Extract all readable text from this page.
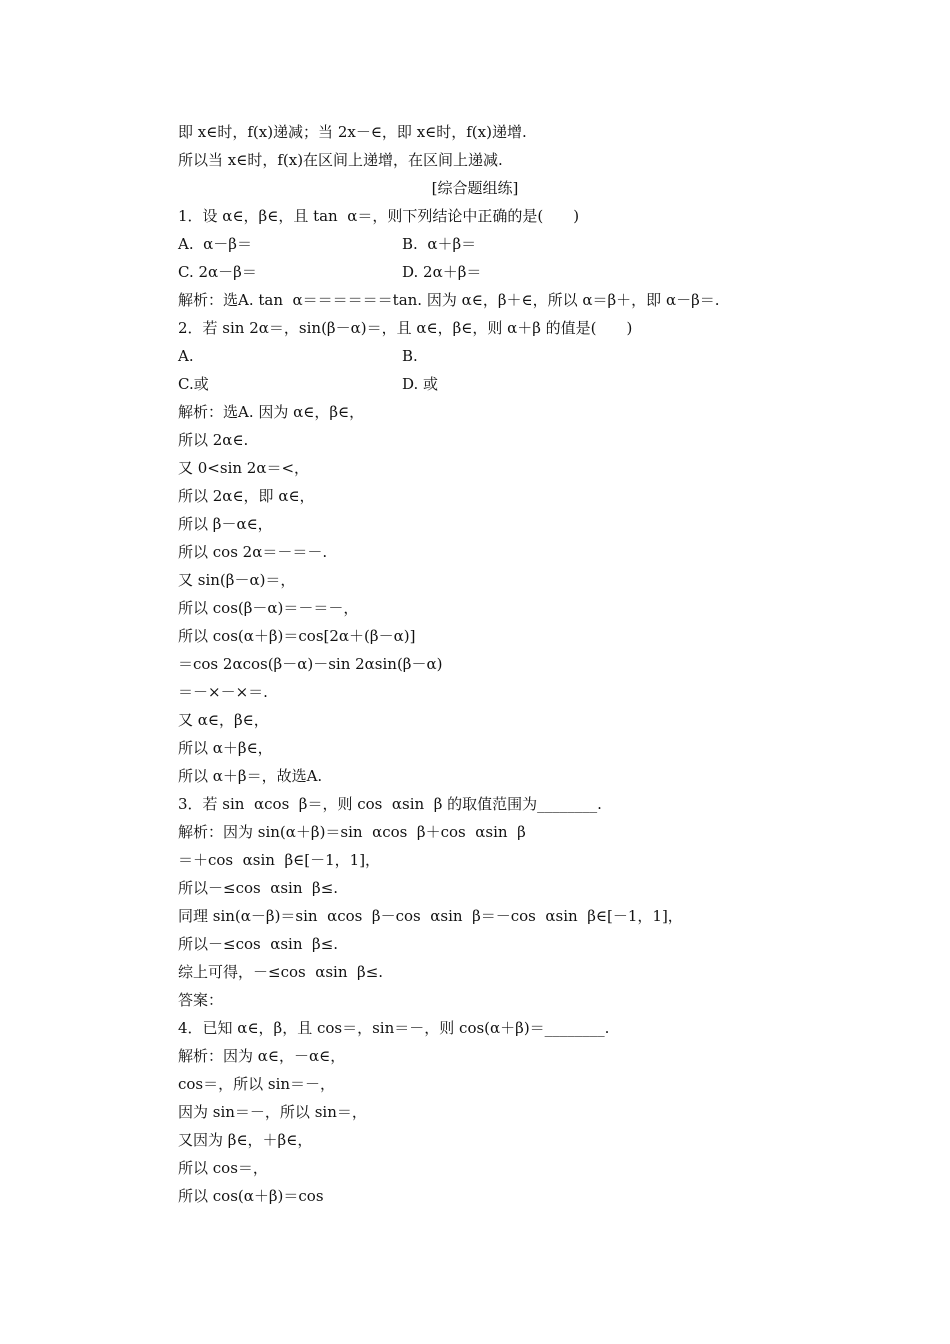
即 x∈时，f(x)递减；当 2x－∈，即 x∈时，f(x)递增.
所以当 x∈时，f(x)在区间上递增，在区间上递减.
[综合题组练]
1．设 α∈，β∈，且 tan  α＝，则下列结论中正确的是(　　)
A.  α－β＝	B.  α＋β＝
C. 2α－β＝	D. 2α＋β＝
解析：选A. tan  α＝＝＝＝＝＝tan. 因为 α∈，β＋∈，所以 α＝β＋，即 α－β＝.
2．若 sin 2α＝，sin(β－α)＝，且 α∈，β∈，则 α＋β 的值是(　　)
A.	B.
C.或	D. 或
解析：选A. 因为 α∈，β∈，
所以 2α∈.
又 0<sin 2α＝<，
所以 2α∈，即 α∈，
所以 β－α∈，
所以 cos 2α＝－＝－.
又 sin(β－α)＝，
所以 cos(β－α)＝－＝－，
所以 cos(α＋β)＝cos[2α＋(β－α)]
＝cos 2αcos(β－α)－sin 2αsin(β－α)
＝－×－×＝.
又 α∈，β∈，
所以 α＋β∈，
所以 α＋β＝，故选A.
3．若 sin  αcos  β＝，则 cos  αsin  β 的取值范围为________.
解析：因为 sin(α＋β)＝sin  αcos  β＋cos  αsin  β
＝＋cos  αsin  β∈[－1，1]，
所以－≤cos  αsin  β≤.
同理 sin(α－β)＝sin  αcos  β－cos  αsin  β＝－cos  αsin  β∈[－1，1]，
所以－≤cos  αsin  β≤.
综上可得，－≤cos  αsin  β≤.
答案：
4．已知 α∈，β，且 cos＝，sin＝－，则 cos(α＋β)＝________.
解析：因为 α∈，－α∈，
cos＝，所以 sin＝－，
因为 sin＝－，所以 sin＝，
又因为 β∈，＋β∈，
所以 cos＝，
所以 cos(α＋β)＝cos
